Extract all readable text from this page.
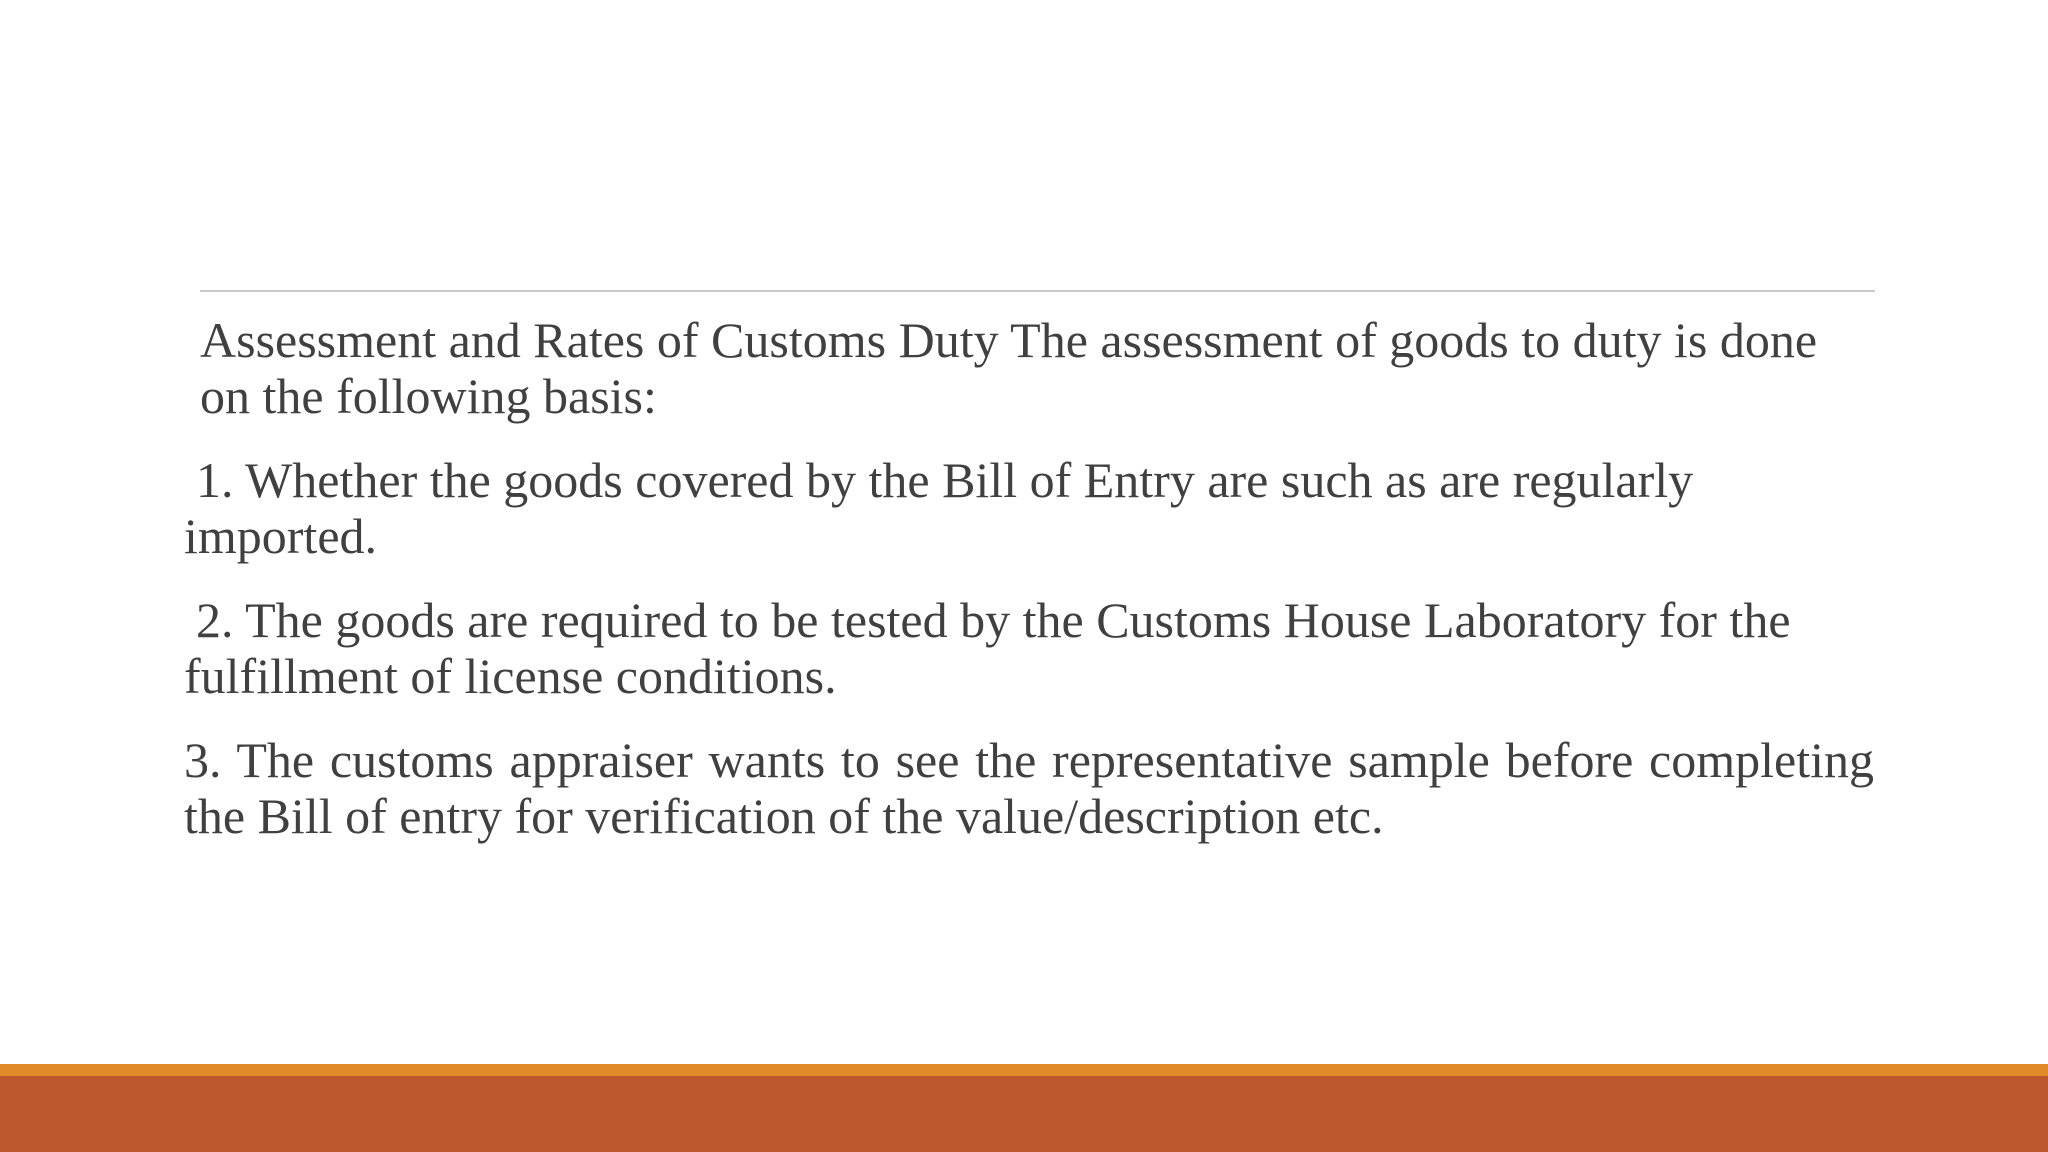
Assessment and Rates of Customs Duty The assessment of goods to duty is done on the following basis:

1. Whether the goods covered by the Bill of Entry are such as are regularly imported.

2. The goods are required to be tested by the Customs House Laboratory for the fulfillment of license conditions.

3. The customs appraiser wants to see the representative sample before completing the Bill of entry for verification of the value/description etc.
